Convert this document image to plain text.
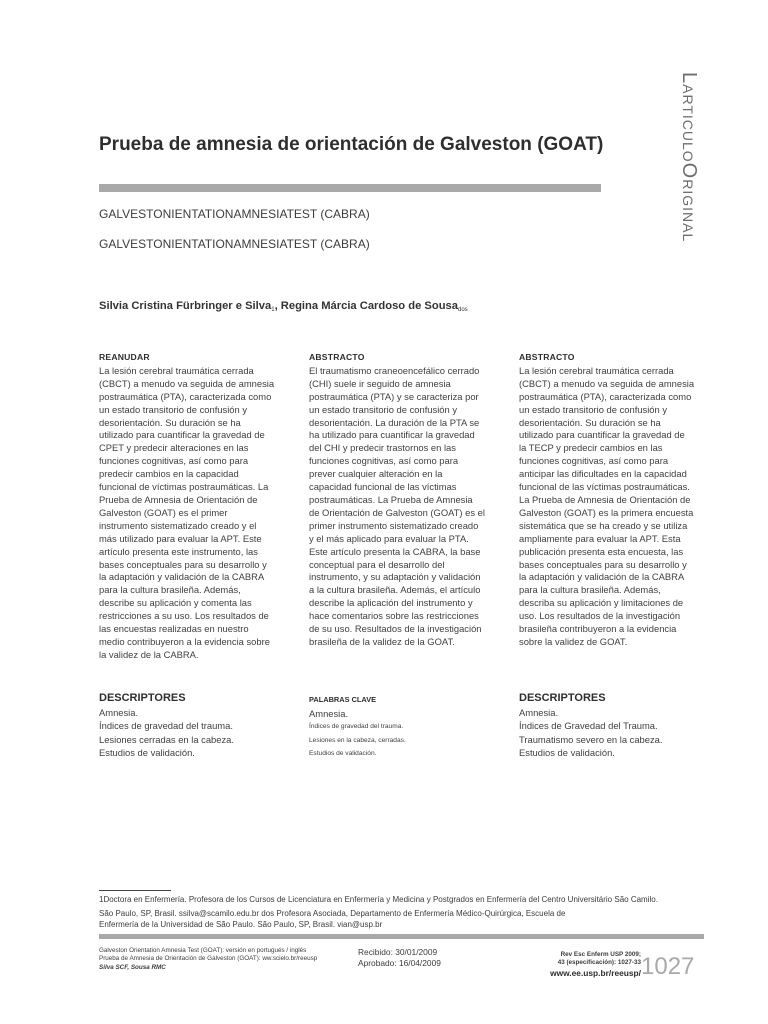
LARTICULOORIGINAL
Prueba de amnesia de orientación de Galveston (GOAT)
GALVESTONIENTATIONAMNESIATEST (CABRA)
GALVESTONIENTATIONAMNESIATEST (CABRA)
Silvia Cristina Fürbringer e Silva$^1$, Regina Márcia Cardoso de Sousa$^{dos}$
REANUDAR
La lesión cerebral traumática cerrada
(CBCT) a menudo va seguida de amnesia
postraumática (PTA), caracterizada como
un estado transitorio de confusión y
desorientación. Su duración se ha
utilizado para cuantificar la gravedad de
CPET y predecir alteraciones en las
funciones cognitivas, así como para
predecir cambios en la capacidad
funcional de víctimas postraumáticas. La
Prueba de Amnesia de Orientación de
Galveston (GOAT) es el primer
instrumento sistematizado creado y el
más utilizado para evaluar la APT. Este
artículo presenta este instrumento, las
bases conceptuales para su desarrollo y
la adaptación y validación de la CABRA
para la cultura brasileña. Además,
describe su aplicación y comenta las
restricciones a su uso. Los resultados de
las encuestas realizadas en nuestro
medio contribuyeron a la evidencia sobre
la validez de la CABRA.
ABSTRACTO
El traumatismo craneoencefálico cerrado
(CHI) suele ir seguido de amnesia
postraumática (PTA) y se caracteriza por
un estado transitorio de confusión y
desorientación. La duración de la PTA se
ha utilizado para cuantificar la gravedad
del CHI y predecir trastornos en las
funciones cognitivas, así como para
prever cualquier alteración en la
capacidad funcional de las víctimas
postraumáticas. La Prueba de Amnesia
de Orientación de Galveston (GOAT) es el
primer instrumento sistematizado creado
y el más aplicado para evaluar la PTA.
Este artículo presenta la CABRA, la base
conceptual para el desarrollo del
instrumento, y su adaptación y validación
a la cultura brasileña. Además, el artículo
describe la aplicación del instrumento y
hace comentarios sobre las restricciones
de su uso. Resultados de la investigación
brasileña de la validez de la GOAT.
ABSTRACTO
La lesión cerebral traumática cerrada
(CBCT) a menudo va seguida de amnesia
postraumática (PTA), caracterizada como
un estado transitorio de confusión y
desorientación. Su duración se ha
utilizado para cuantificar la gravedad de
la TECP y predecir cambios en las
funciones cognitivas, así como para
anticipar las dificultades en la capacidad
funcional de las víctimas postraumáticas.
La Prueba de Amnesia de Orientación de
Galveston (GOAT) es la primera encuesta
sistemática que se ha creado y se utiliza
ampliamente para evaluar la APT. Esta
publicación presenta esta encuesta, las
bases conceptuales para su desarrollo y
la adaptación y validación de la CABRA
para la cultura brasileña. Además,
describa su aplicación y limitaciones de
uso. Los resultados de la investigación
brasileña contribuyeron a la evidencia
sobre la validez de GOAT.
DESCRIPTORES
Amnesia.
Índices de gravedad del trauma.
Lesiones cerradas en la cabeza.
Estudios de validación.
PALABRAS CLAVE
Amnesia.
Índices de gravedad del trauma.
Lesiones en la cabeza, cerradas.
Estudios de validación.
DESCRIPTORES
Amnesia.
Índices de Gravedad del Trauma.
Traumatismo severo en la cabeza.
Estudios de validación.
1Doctora en Enfermería. Profesora de los Cursos de Licenciatura en Enfermería y Medicina y Postgrados en Enfermería del Centro Universitário São Camilo.
São Paulo, SP, Brasil. ssilva@scamilo.edu.br dos Profesora Asociada, Departamento de Enfermería Médico-Quirúrgica, Escuela de
Enfermería de la Universidad de São Paulo. São Paulo, SP, Brasil. vian@usp.br
Galveston Orientation Amnesia Test (GOAT): versión en portugués / inglés
Prueba de Amnesia de Orientación de Galveston (GOAT): ww.scielo.br/reeusp
Silva SCF, Sousa RMC
Recibido: 30/01/2009
Aprobado: 16/04/2009
Rev Esc Enferm USP 2009;
43 (especificación): 1027-33
www.ee.usp.br/reeusp/ 1027
